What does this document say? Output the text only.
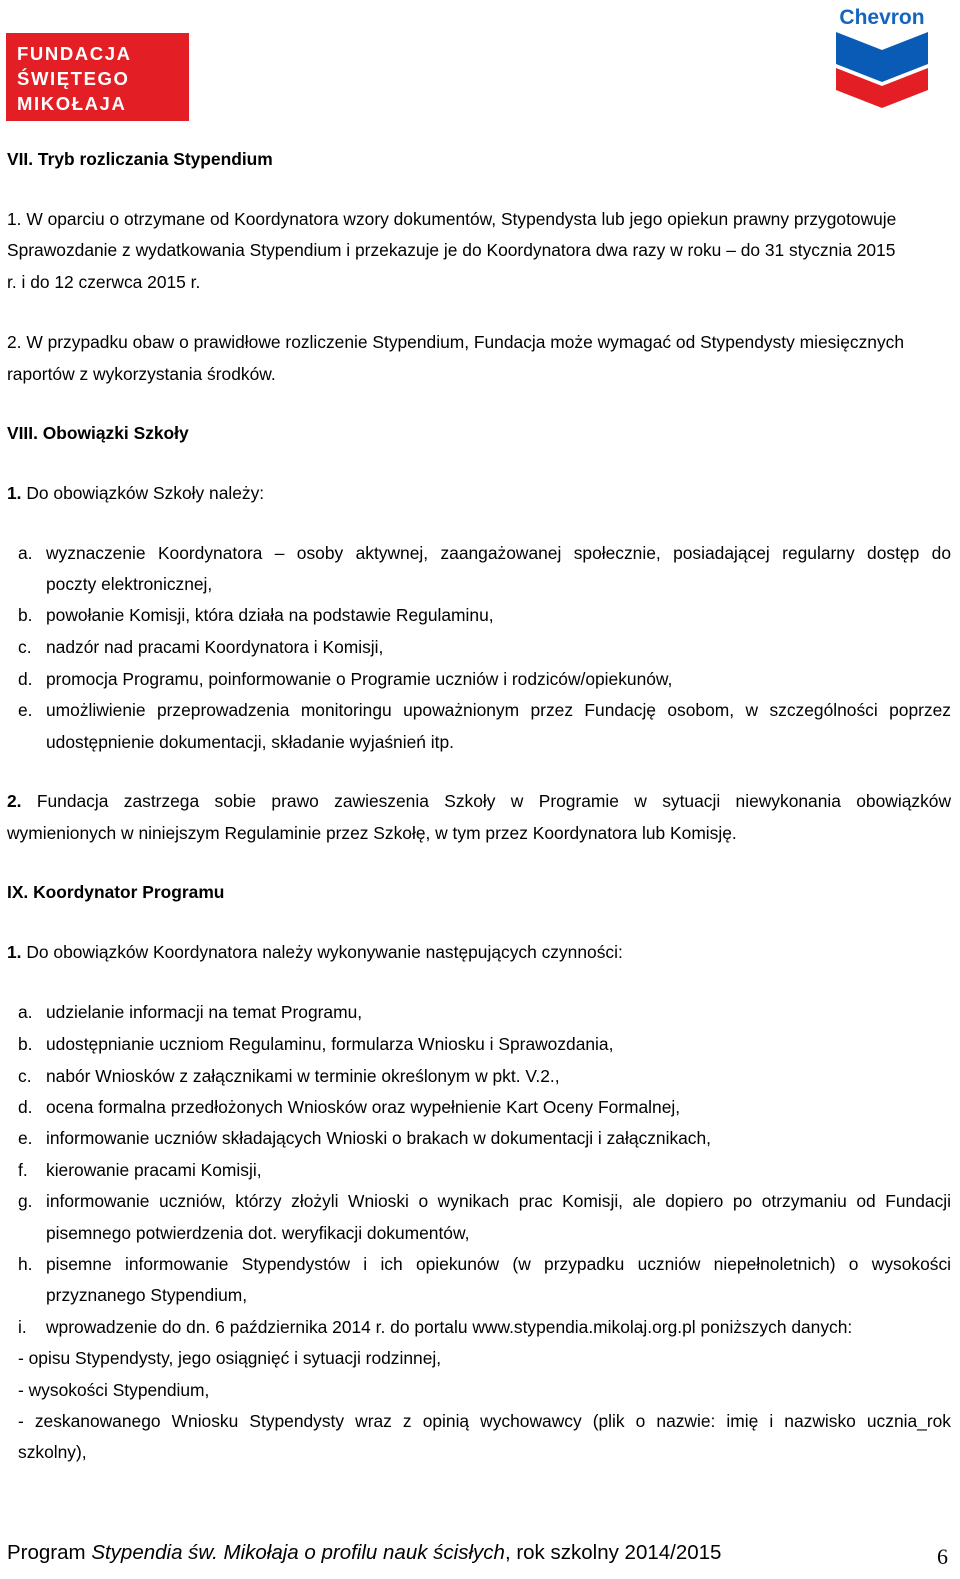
FUNDACJA
ŚWIĘTEGO
MIKOŁAJA
Chevron
VII. Tryb rozliczania Stypendium
1. W oparciu o otrzymane od Koordynatora wzory dokumentów, Stypendysta lub jego opiekun prawny przygotowuje
Sprawozdanie z wydatkowania Stypendium i przekazuje je do Koordynatora dwa razy w roku – do 31 stycznia 2015
r. i do 12 czerwca 2015 r.
2. W przypadku obaw o prawidłowe rozliczenie Stypendium, Fundacja może wymagać od Stypendysty miesięcznych
raportów z wykorzystania środków.
VIII. Obowiązki Szkoły
1. Do obowiązków Szkoły należy:
a. wyznaczenie Koordynatora – osoby aktywnej, zaangażowanej społecznie, posiadającej regularny dostęp do
poczty elektronicznej,
b. powołanie Komisji, która działa na podstawie Regulaminu,
c. nadzór nad pracami Koordynatora i Komisji,
d. promocja Programu, poinformowanie o Programie uczniów i rodziców/opiekunów,
e. umożliwienie przeprowadzenia monitoringu upoważnionym przez Fundację osobom, w szczególności poprzez
udostępnienie dokumentacji, składanie wyjaśnień itp.
2. Fundacja zastrzega sobie prawo zawieszenia Szkoły w Programie w sytuacji niewykonania obowiązków
wymienionych w niniejszym Regulaminie przez Szkołę, w tym przez Koordynatora lub Komisję.
IX. Koordynator Programu
1. Do obowiązków Koordynatora należy wykonywanie następujących czynności:
a. udzielanie informacji na temat Programu,
b. udostępnianie uczniom Regulaminu, formularza Wniosku i Sprawozdania,
c. nabór Wniosków z załącznikami w terminie określonym w pkt. V.2.,
d. ocena formalna przedłożonych Wniosków oraz wypełnienie Kart Oceny Formalnej,
e. informowanie uczniów składających Wnioski o brakach w dokumentacji i załącznikach,
f. kierowanie pracami Komisji,
g. informowanie uczniów, którzy złożyli Wnioski o wynikach prac Komisji, ale dopiero po otrzymaniu od Fundacji
pisemnego potwierdzenia dot. weryfikacji dokumentów,
h. pisemne informowanie Stypendystów i ich opiekunów (w przypadku uczniów niepełnoletnich) o wysokości
przyznanego Stypendium,
i. wprowadzenie do dn. 6 października 2014 r. do portalu www.stypendia.mikolaj.org.pl poniższych danych:
- opisu Stypendysty, jego osiągnięć i sytuacji rodzinnej,
- wysokości Stypendium,
- zeskanowanego Wniosku Stypendysty wraz z opinią wychowawcy (plik o nazwie: imię i nazwisko ucznia_rok
szkolny),
Program Stypendia św. Mikołaja o profilu nauk ścisłych, rok szkolny 2014/2015	6
